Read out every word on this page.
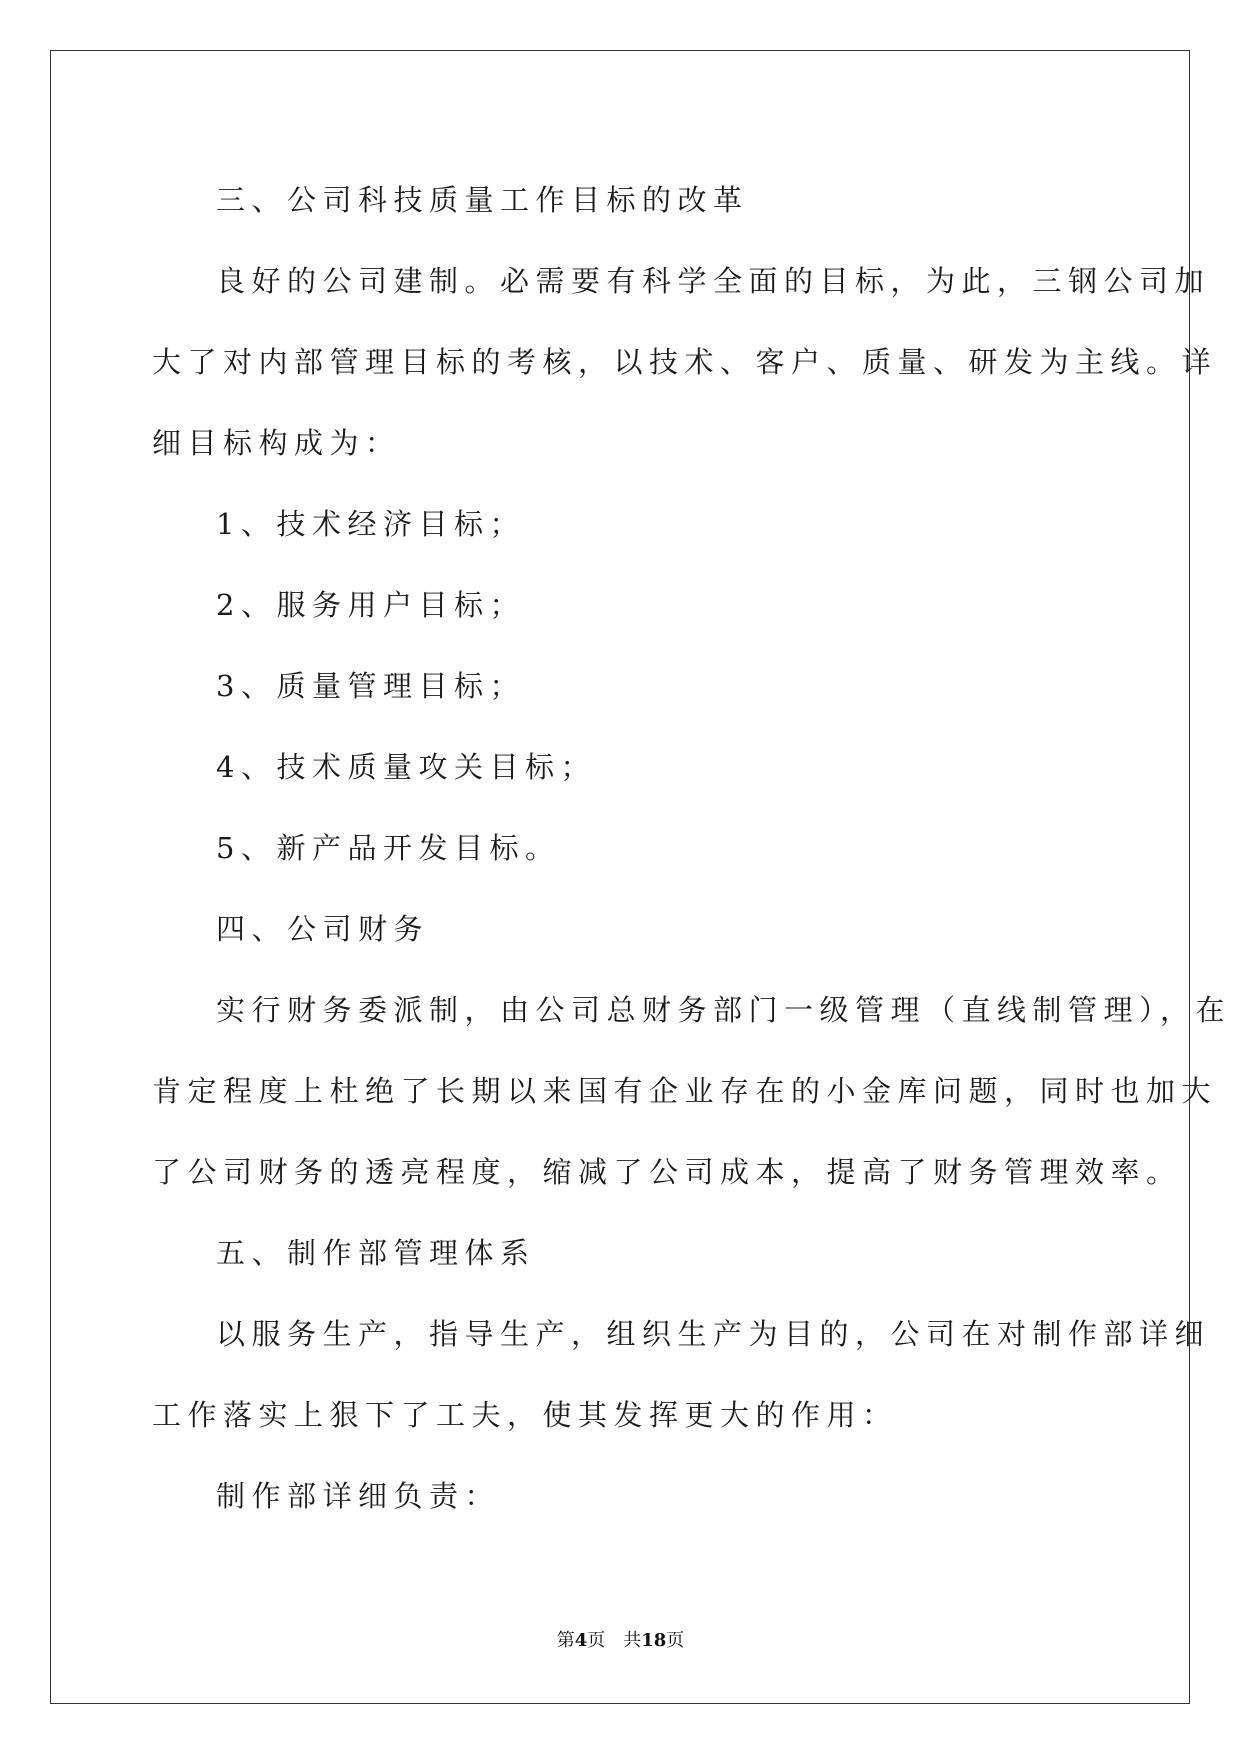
三、公司科技质量工作目标的改革
良好的公司建制。必需要有科学全面的目标，为此，三钢公司加
大了对内部管理目标的考核，以技术、客户、质量、研发为主线。详
细目标构成为：
1、技术经济目标；
2、服务用户目标；
3、质量管理目标；
4、技术质量攻关目标；
5、新产品开发目标。
四、公司财务
实行财务委派制，由公司总财务部门一级管理（直线制管理），在
肯定程度上杜绝了长期以来国有企业存在的小金库问题，同时也加大
了公司财务的透亮程度，缩减了公司成本，提高了财务管理效率。
五、制作部管理体系
以服务生产，指导生产，组织生产为目的，公司在对制作部详细
工作落实上狠下了工夫，使其发挥更大的作用：
制作部详细负责：
第4页 共18页
